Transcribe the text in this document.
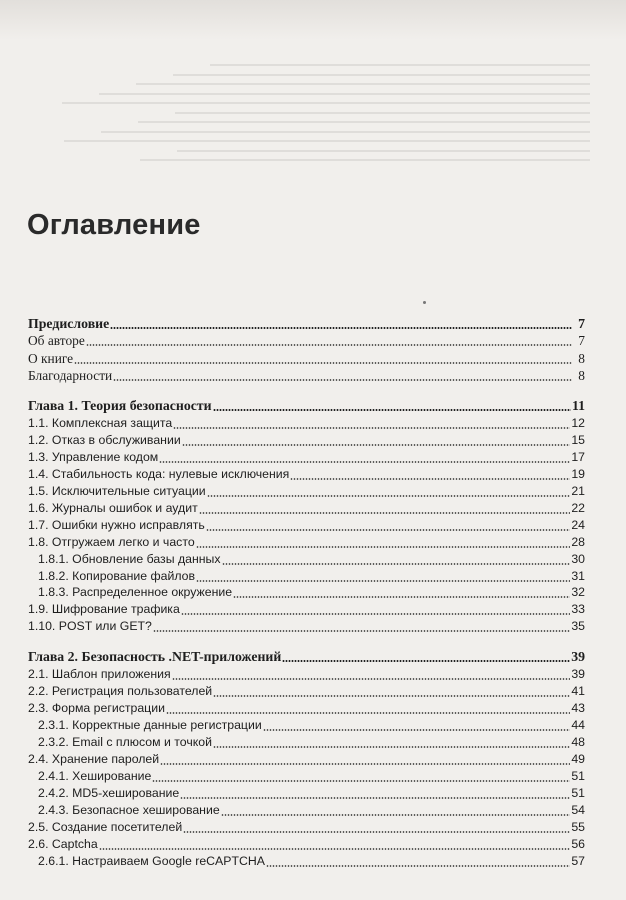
Оглавление
Предисловие	7
Об авторе	7
О книге	8
Благодарности	8
Глава 1. Теория безопасности	11
1.1. Комплексная защита	12
1.2. Отказ в обслуживании	15
1.3. Управление кодом	17
1.4. Стабильность кода: нулевые исключения	19
1.5. Исключительные ситуации	21
1.6. Журналы ошибок и аудит	22
1.7. Ошибки нужно исправлять	24
1.8. Отгружаем легко и часто	28
1.8.1. Обновление базы данных	30
1.8.2. Копирование файлов	31
1.8.3. Распределенное окружение	32
1.9. Шифрование трафика	33
1.10. POST или GET?	35
Глава 2. Безопасность .NET-приложений	39
2.1. Шаблон приложения	39
2.2. Регистрация пользователей	41
2.3. Форма регистрации	43
2.3.1. Корректные данные регистрации	44
2.3.2. Email с плюсом и точкой	48
2.4. Хранение паролей	49
2.4.1. Хеширование	51
2.4.2. MD5-хеширование	51
2.4.3. Безопасное хеширование	54
2.5. Создание посетителей	55
2.6. Captcha	56
2.6.1. Настраиваем Google reCAPTCHA	57
